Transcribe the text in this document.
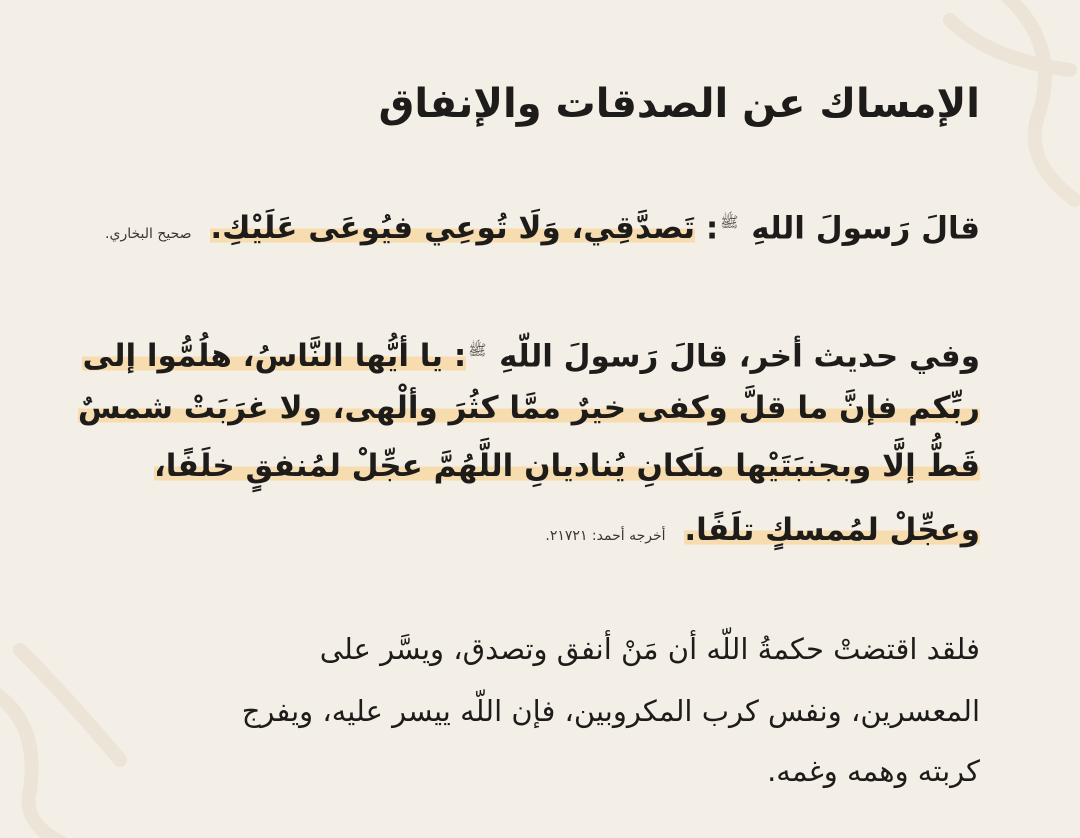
الإمساك عن الصدقات والإنفاق
قالَ رَسولَ اللهِ $^ﷺ$: تَصدَّقِي، وَلَا تُوعِي فيُوعَى عَلَيْكِ. صحيح البخاري.
وفي حديث أخر، قالَ رَسولَ اللّهِ $^ﷺ$: يا أيُّها النَّاسُ، هلُمُّوا إلى
ربِّكم فإنَّ ما قلَّ وكفى خيرٌ ممَّا كثُرَ وألْهى، ولا غرَبَتْ شمسٌ
قَطُّ إلَّا وبجنبَتَيْها ملَكانِ يُناديانِ اللَّهُمَّ عجِّلْ لمُنفقٍ خلَفًا،
وعجِّلْ لمُمسكٍ تلَفًا. أخرجه أحمد: ٢١٧٢١.
فلقد اقتضتْ حكمةُ اللّه أن مَنْ أنفق وتصدق، ويسَّر على
المعسرين، ونفس كرب المكروبين، فإن اللّه ييسر عليه، ويفرج
كربته وهمه وغمه.
